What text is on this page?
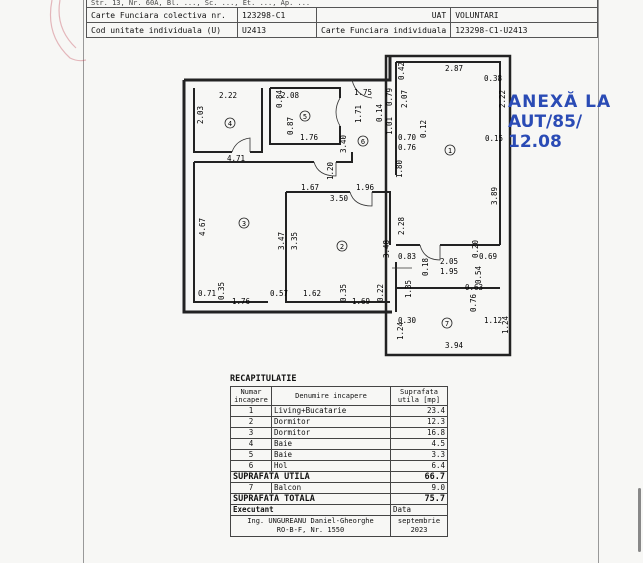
Str. 13, Nr. 60A, Bl. ..., Sc. ..., Et. ..., Ap. ...			
Carte Funciara colectiva nr.	123298-C1	UAT	VOLUNTARI
Cod unitate individuala (U)	U2413	Carte Funciara individuala	123298-C1-U2413
1
2
3
4
5
6
7
2.87
0.38
2.22	2.08	1.75
1.76	0.70
0.76
0.15
4.71
1.67	1.96
3.50
0.83
2.05
1.95
0.69
0.71
1.76
0.57 1.62
1.69
0.63
0.30	1.12
3.94
0.42
2.03
0.84	0.79 2.07	2.22
1.71
0.87
3.40
1.01
0.14
0.12
1.20	1.80
3.89
4.67
3.47 3.35	3.48
2.28
0.20
0.18
0.35	0.35	0.22	1.35
0.54
0.76
1.24	1.24
ANEXĂ LA
AUT/85/ 12.08
RECAPITULATIE
Numar incapere	Denumire incapere	Suprafata utila [mp]
1	Living+Bucatarie	23.4
2	Dormitor	12.3
3	Dormitor	16.8
4	Baie	4.5
5	Baie	3.3
6	Hol	6.4
SUPRAFATA UTILA		66.7
7	Balcon	9.0
SUPRAFATA TOTALA		75.7
Executant		Data
Ing. UNGUREANU Daniel-Gheorghe
RO-B-F, Nr. 1550		septembrie 2023
